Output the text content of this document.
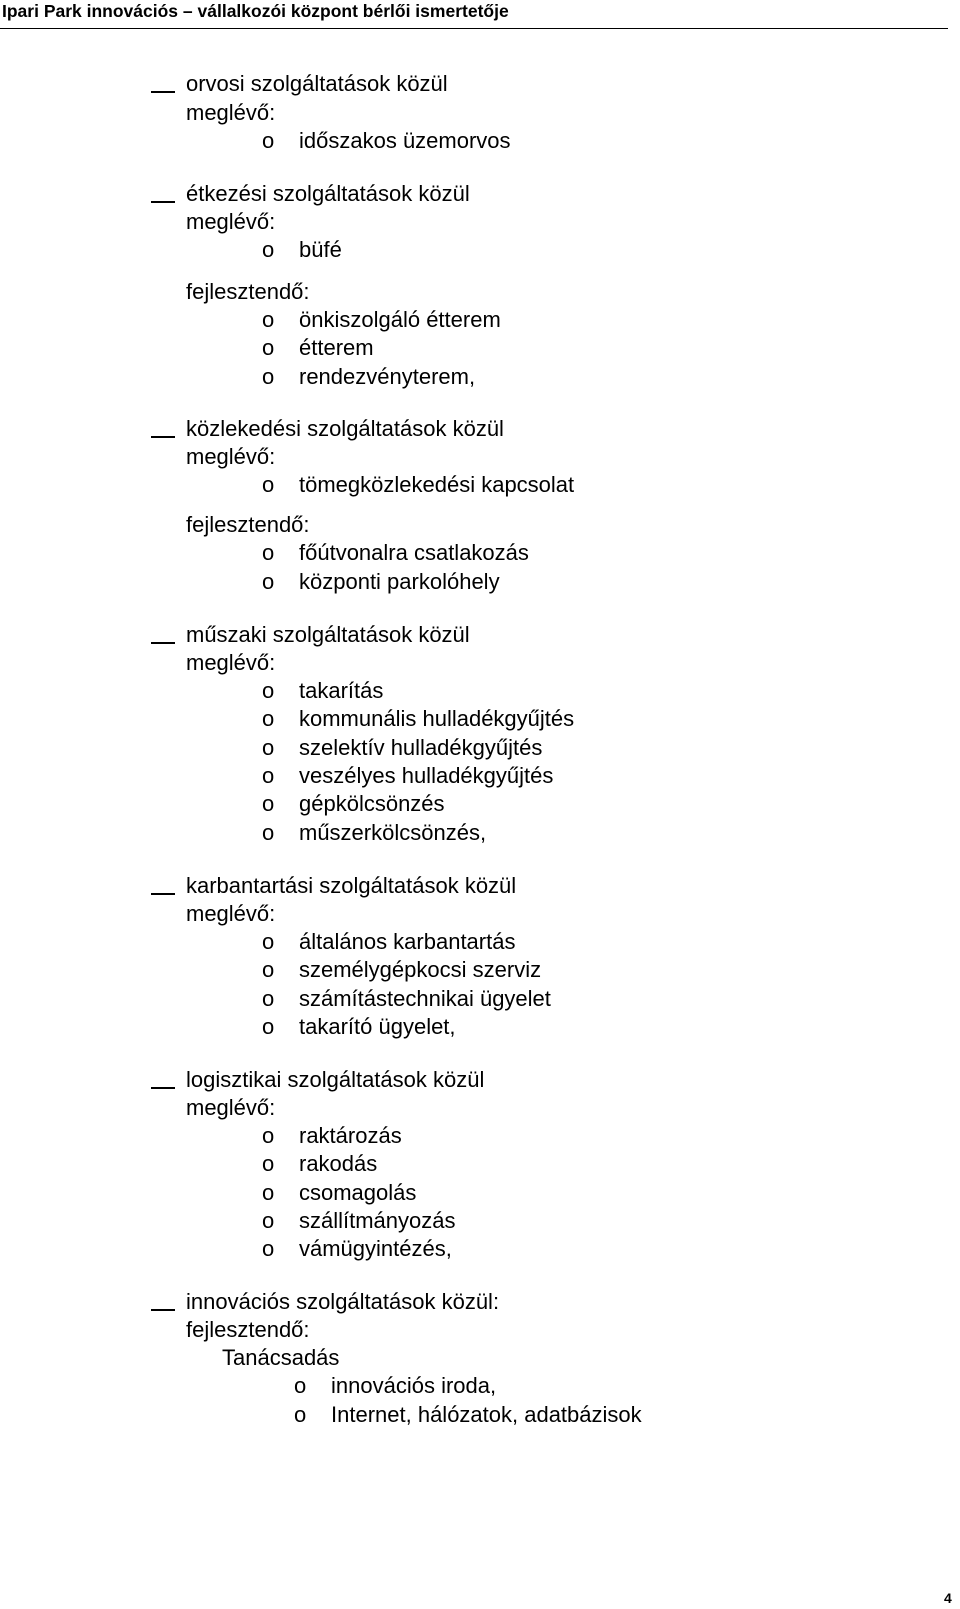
Ipari Park innovációs – vállalkozói központ bérlői ismertetője
orvosi szolgáltatások közül
meglévő:
o időszakos üzemorvos
étkezési szolgáltatások közül
meglévő:
o büfé
fejlesztendő:
o önkiszolgáló étterem
o étterem
o rendezvényterem,
közlekedési szolgáltatások közül
meglévő:
o tömegközlekedési kapcsolat
fejlesztendő:
o főútvonalra csatlakozás
o központi parkolóhely
műszaki szolgáltatások közül
meglévő:
o takarítás
o kommunális hulladékgyűjtés
o szelektív hulladékgyűjtés
o veszélyes hulladékgyűjtés
o gépkölcsönzés
o műszerkölcsönzés,
karbantartási szolgáltatások közül
meglévő:
o általános karbantartás
o személygépkocsi szerviz
o számítástechnikai ügyelet
o takarító ügyelet,
logisztikai szolgáltatások közül
meglévő:
o raktározás
o rakodás
o csomagolás
o szállítmányozás
o vámügyintézés,
innovációs szolgáltatások közül:
fejlesztendő:
Tanácsadás
o innovációs iroda,
o Internet, hálózatok, adatbázisok
4
